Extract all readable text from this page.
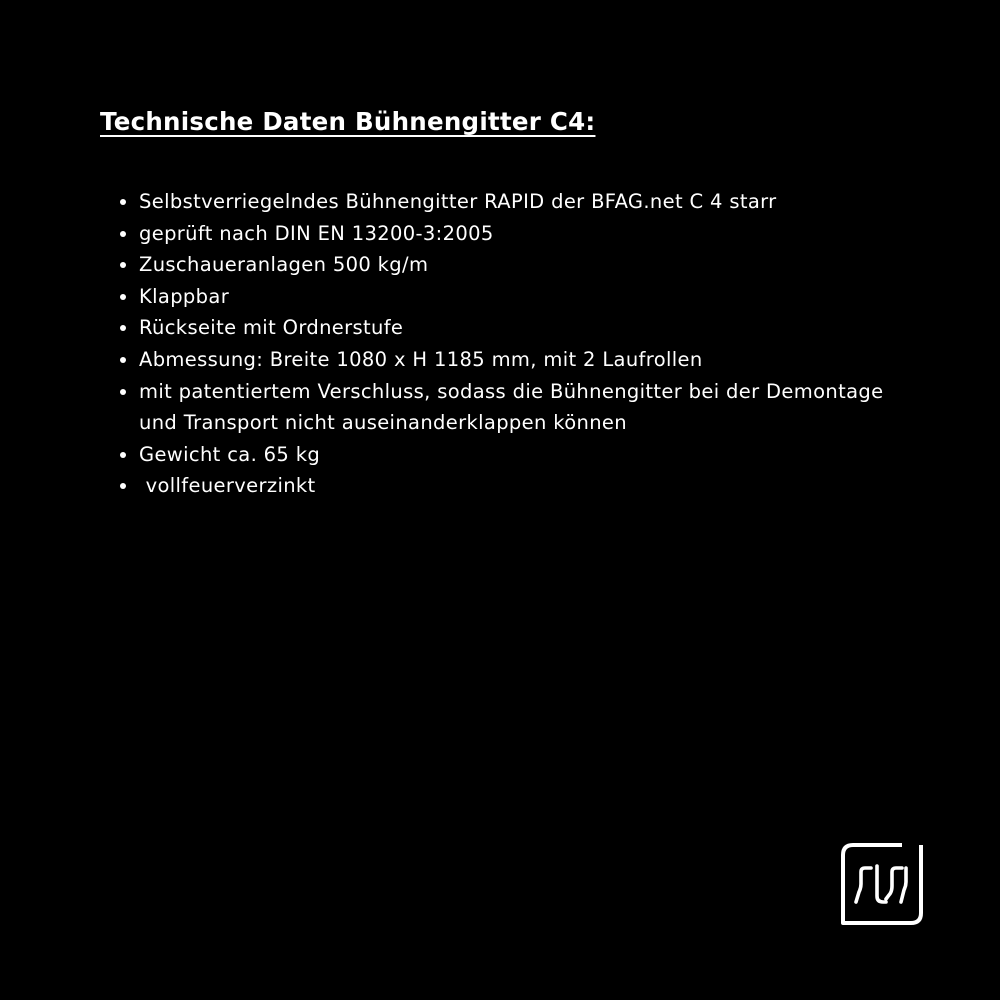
Technische Daten Bühnengitter C4:
Selbstverriegelndes Bühnengitter RAPID der BFAG.net C 4 starr
geprüft nach DIN EN 13200-3:2005
Zuschaueranlagen 500 kg/m
Klappbar
Rückseite mit Ordnerstufe
Abmessung: Breite 1080 x H 1185 mm, mit 2 Laufrollen
mit patentiertem Verschluss, sodass die Bühnengitter bei der Demontage und Transport nicht auseinanderklappen können
Gewicht ca. 65 kg
vollfeuerverzinkt
